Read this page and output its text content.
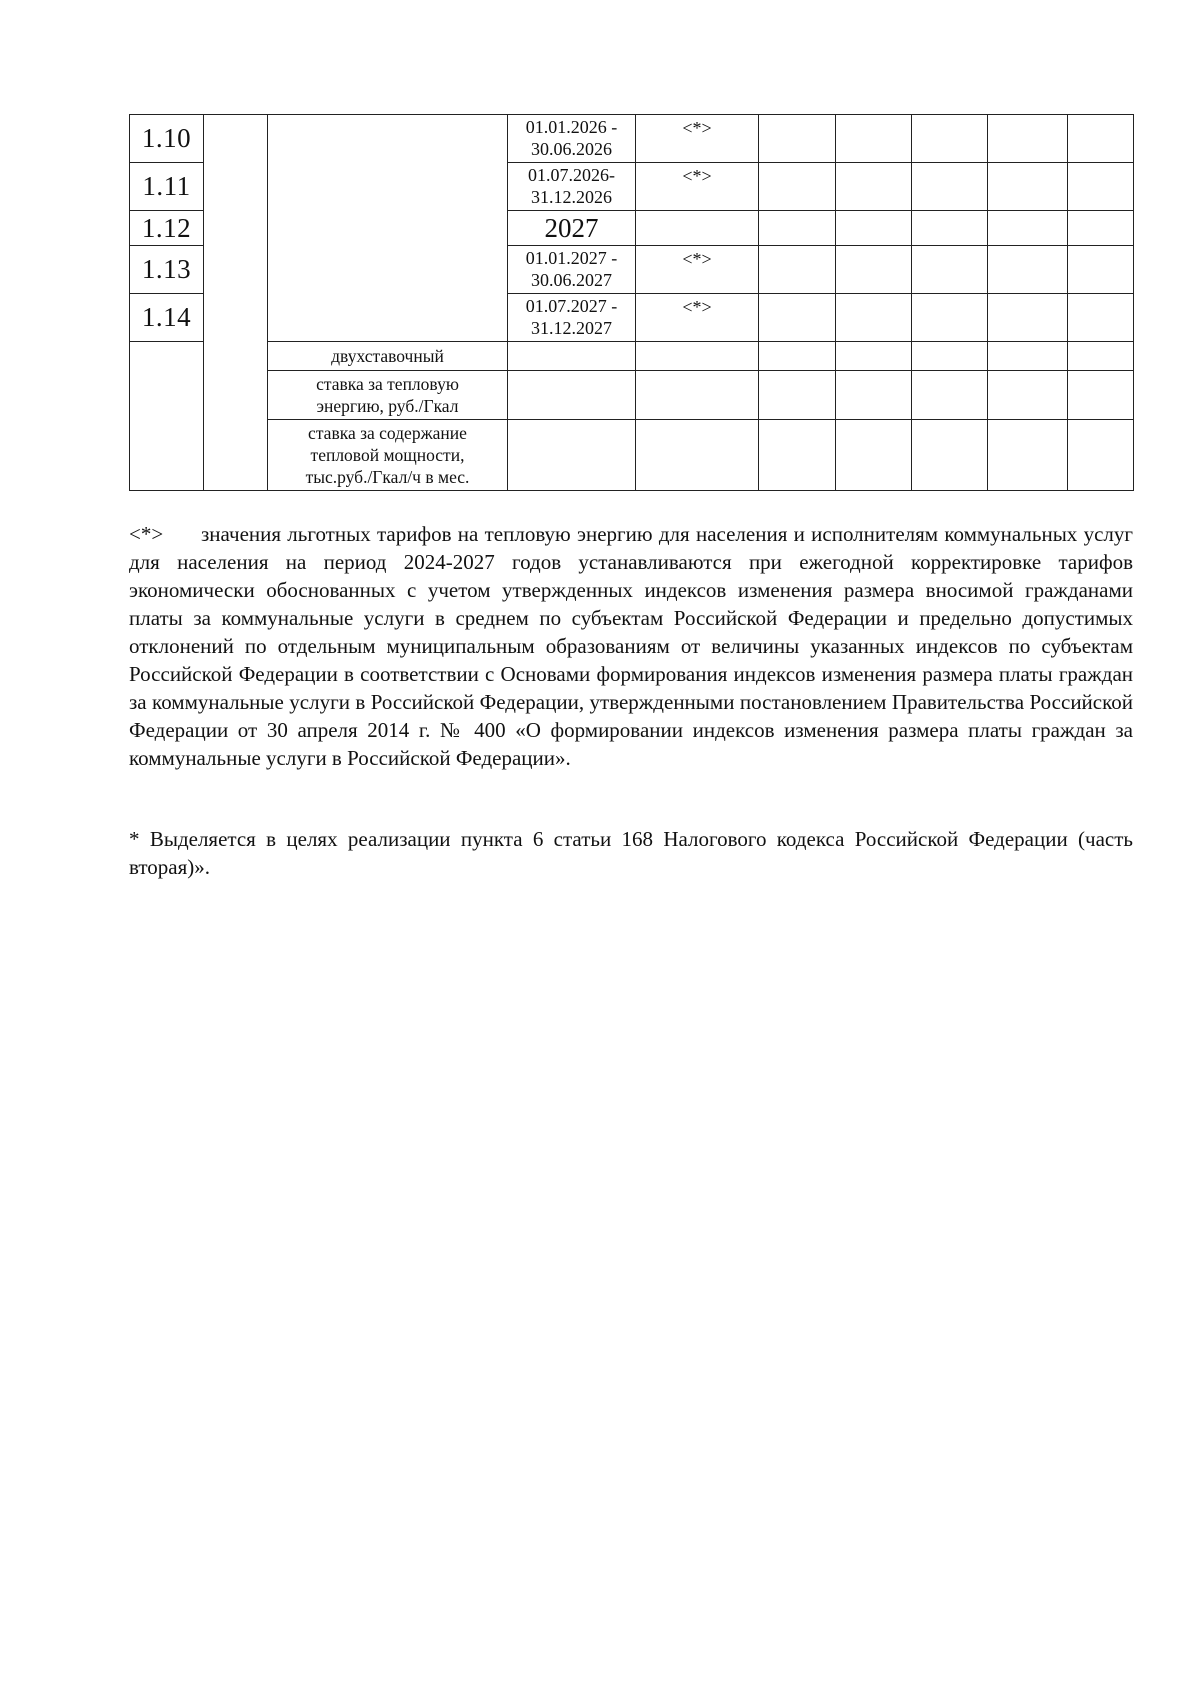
1.10			01.01.2026 -
30.06.2026	<*>					
1.11			01.07.2026-
31.12.2026	<*>					
1.12			2027						
1.13			01.01.2027 -
30.06.2027	<*>					
1.14			01.07.2027 -
31.12.2027	<*>					
		двухставочный							
		ставка за тепловую
энергию, руб./Гкал							
		ставка за содержание
тепловой мощности,
тыс.руб./Гкал/ч в мес.							

<*> значения льготных тарифов на тепловую энергию для населения и исполнителям коммунальных услуг для населения на период 2024-2027 годов устанавливаются при ежегодной корректировке тарифов экономически обоснованных с учетом утвержденных индексов изменения размера вносимой гражданами платы за коммунальные услуги в среднем по субъектам Российской Федерации и предельно допустимых отклонений по отдельным муниципальным образованиям от величины указанных индексов по субъектам Российской Федерации в соответствии с Основами формирования индексов изменения размера платы граждан за коммунальные услуги в Российской Федерации, утвержденными постановлением Правительства Российской Федерации от 30 апреля 2014 г. № 400 «О формировании индексов изменения размера платы граждан за коммунальные услуги в Российской Федерации».

* Выделяется в целях реализации пункта 6 статьи 168 Налогового кодекса Российской Федерации (часть вторая)».
